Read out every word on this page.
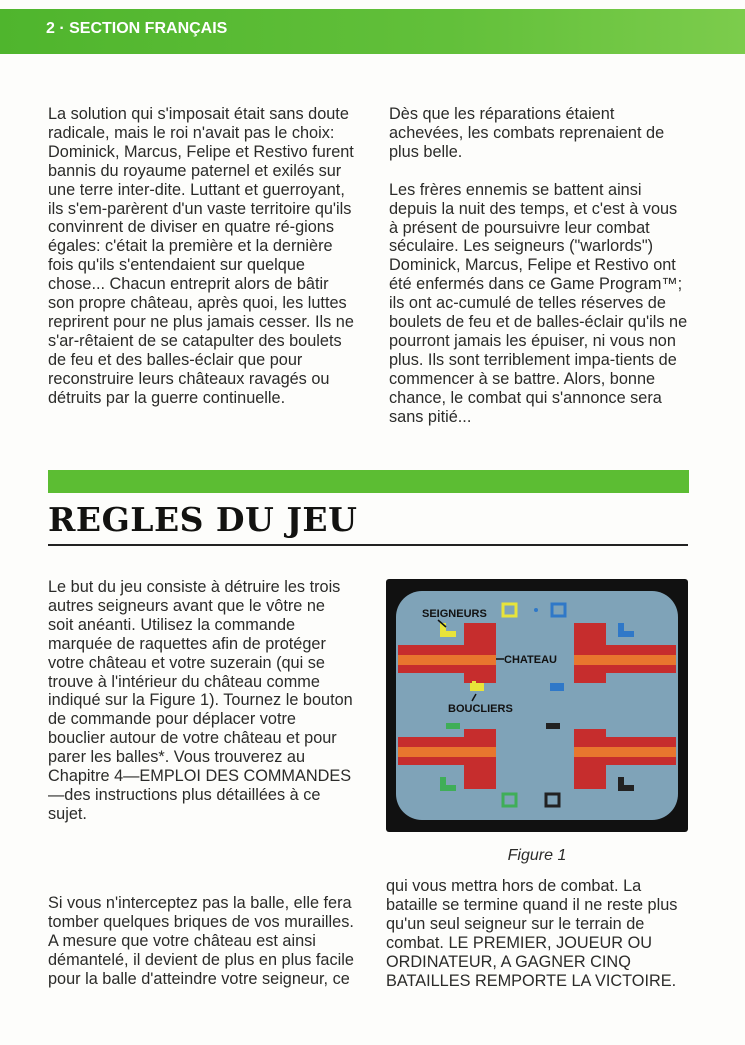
2 · SECTION FRANÇAIS

La solution qui s'imposait était sans doute radicale, mais le roi n'avait pas le choix: Dominick, Marcus, Felipe et Restivo furent bannis du royaume paternel et exilés sur une terre inter-dite. Luttant et guerroyant, ils s'em-parèrent d'un vaste territoire qu'ils convinrent de diviser en quatre ré-gions égales: c'était la première et la dernière fois qu'ils s'entendaient sur quelque chose... Chacun entreprit alors de bâtir son propre château, après quoi, les luttes reprirent pour ne plus jamais cesser. Ils ne s'ar-rêtaient de se catapulter des boulets de feu et des balles-éclair que pour reconstruire leurs châteaux ravagés ou détruits par la guerre continuelle.

Dès que les réparations étaient achevées, les combats reprenaient de plus belle.

Les frères ennemis se battent ainsi depuis la nuit des temps, et c'est à vous à présent de poursuivre leur combat séculaire. Les seigneurs ("warlords") Dominick, Marcus, Felipe et Restivo ont été enfermés dans ce Game Program™; ils ont ac-cumulé de telles réserves de boulets de feu et de balles-éclair qu'ils ne pourront jamais les épuiser, ni vous non plus. Ils sont terriblement impa-tients de commencer à se battre. Alors, bonne chance, le combat qui s'annonce sera sans pitié...

REGLES DU JEU

Le but du jeu consiste à détruire les trois autres seigneurs avant que le vôtre ne soit anéanti. Utilisez la commande marquée de raquettes afin de protéger votre château et votre suzerain (qui se trouve à l'intérieur du château comme indiqué sur la Figure 1). Tournez le bouton de commande pour déplacer votre bouclier autour de votre château et pour parer les balles*. Vous trouverez au Chapitre 4—EMPLOI DES COMMANDES—des instructions plus détaillées à ce sujet.

Si vous n'interceptez pas la balle, elle fera tomber quelques briques de vos murailles. A mesure que votre château est ainsi démantelé, il devient de plus en plus facile pour la balle d'atteindre votre seigneur, ce

qui vous mettra hors de combat. La bataille se termine quand il ne reste plus qu'un seul seigneur sur le terrain de combat. LE PREMIER, JOUEUR OU ORDINATEUR, A GAGNER CINQ BATAILLES REMPORTE LA VICTOIRE.

SEIGNEURS
CHATEAU
BOUCLIERS
Figure 1
